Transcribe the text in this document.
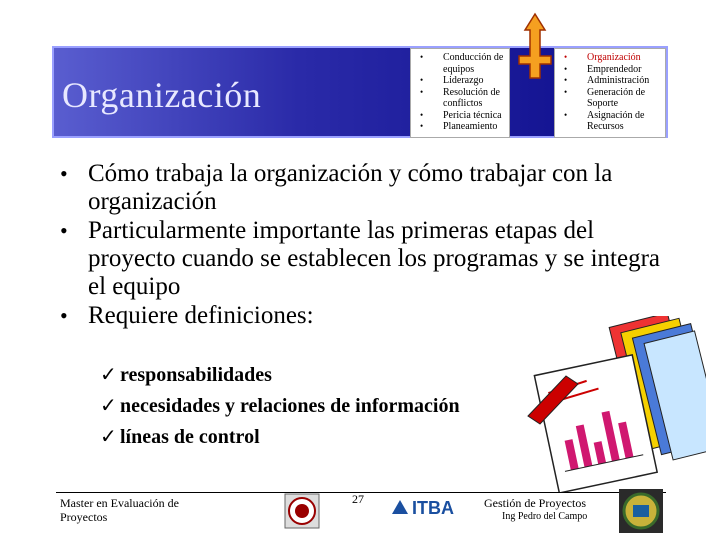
Organización
• Conducción de equipos
• Liderazgo
• Resolución de conflictos
• Pericia técnica
• Planeamiento
• Organización
• Emprendedor
• Administración
• Generación de Soporte
• Asignación de Recursos
• Cómo trabaja la organización y cómo trabajar con la organización
• Particularmente importante las primeras etapas del proyecto cuando se establecen los programas y se integra el equipo
• Requiere definiciones:
✓ responsabilidades
✓ necesidades y relaciones de información
✓ líneas de control
Master en Evaluación de Proyectos
27	ITBA	Gestión de Proyectos
Ing Pedro del Campo
